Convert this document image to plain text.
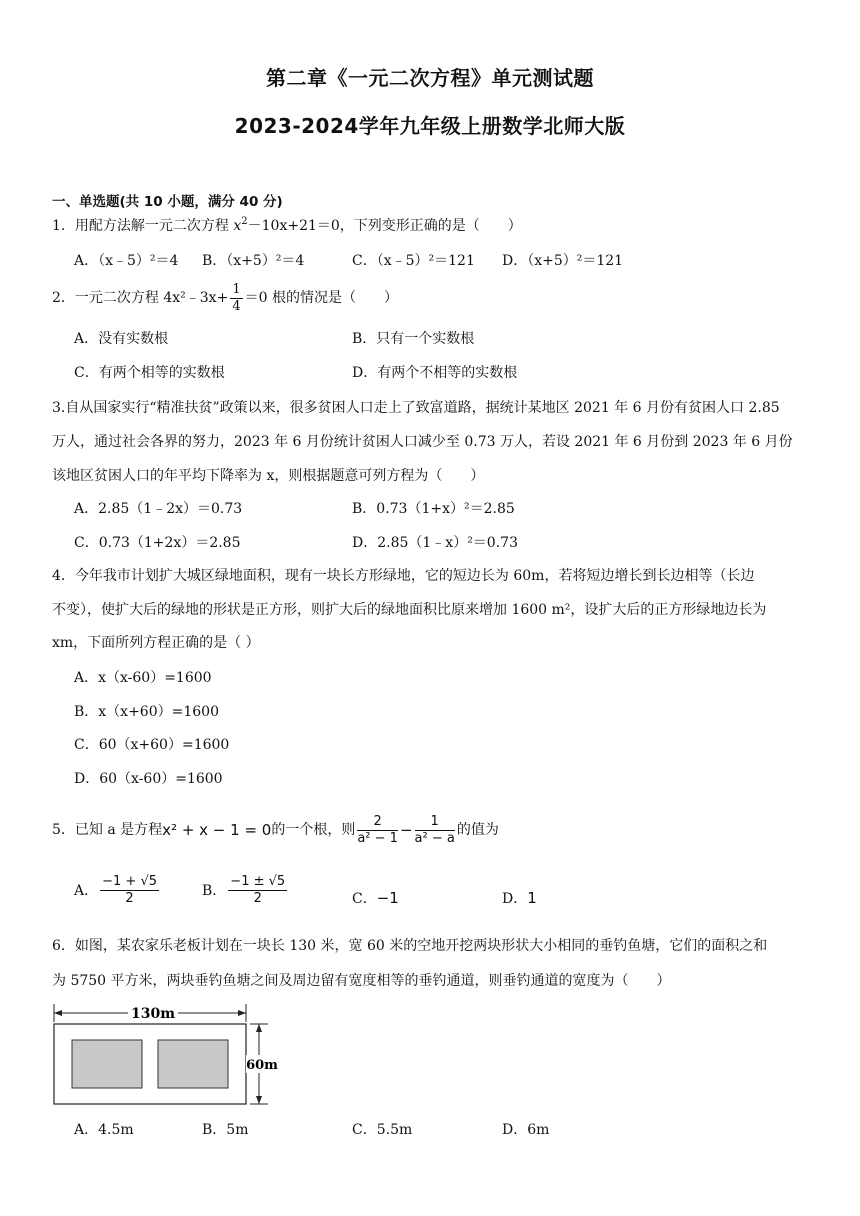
第二章《一元二次方程》单元测试题
2023-2024学年九年级上册数学北师大版
一、单选题(共 10 小题，满分 40 分)
1．用配方法解一元二次方程 $x^2-10x+21=0$，下列变形正确的是（　　）
A．（x﹣5）²＝4 B．（x+5）²＝4	C．（x﹣5）²＝121 D．（x+5）²＝121
2．一元二次方程 4x²﹣3x+ $\frac{1}{4} =0$ 根的情况是（　　）
A．没有实数根	B．只有一个实数根
C．有两个相等的实数根	D．有两个不相等的实数根
3.自从国家实行“精准扶贫”政策以来，很多贫困人口走上了致富道路，据统计某地区 2021 年 6 月份有贫困人口 2.85
万人，通过社会各界的努力，2023 年 6 月份统计贫困人口减少至 0.73 万人，若设 2021 年 6 月份到 2023 年 6 月份
该地区贫困人口的年平均下降率为 x，则根据题意可列方程为（　　）
A．2.85（1﹣2x）＝0.73	B．0.73（1+x）²＝2.85
C．0.73（1+2x）＝2.85	D．2.85（1﹣x）²＝0.73
4．今年我市计划扩大城区绿地面积，现有一块长方形绿地，它的短边长为 60m，若将短边增长到长边相等（长边
不变），使扩大后的绿地的形状是正方形，则扩大后的绿地面积比原来增加 1600 m²，设扩大后的正方形绿地边长为
xm，下面所列方程正确的是（ ）
A．x（x-60）=1600
B．x（x+60）=1600
C．60（x+60）=1600
D．60（x-60）=1600
5．已知 a 是方程 x² + x − 1 = 0 的一个根，则 $\frac{2}{\text{a² − 1}} - \frac{1}{\text{a² − a}}$ 的值为
A． $\frac{-1 + √5}{2}$	B． $\frac{-1 \pm √5}{2}$	C．−1	D．1
6．如图，某农家乐老板计划在一块长 130 米，宽 60 米的空地开挖两块形状大小相同的垂钓鱼塘，它们的面积之和
为 5750 平方米，两块垂钓鱼塘之间及周边留有宽度相等的垂钓通道，则垂钓通道的宽度为（　　）
130m
60m
A．4.5m	B．5m	C．5.5m	D．6m
